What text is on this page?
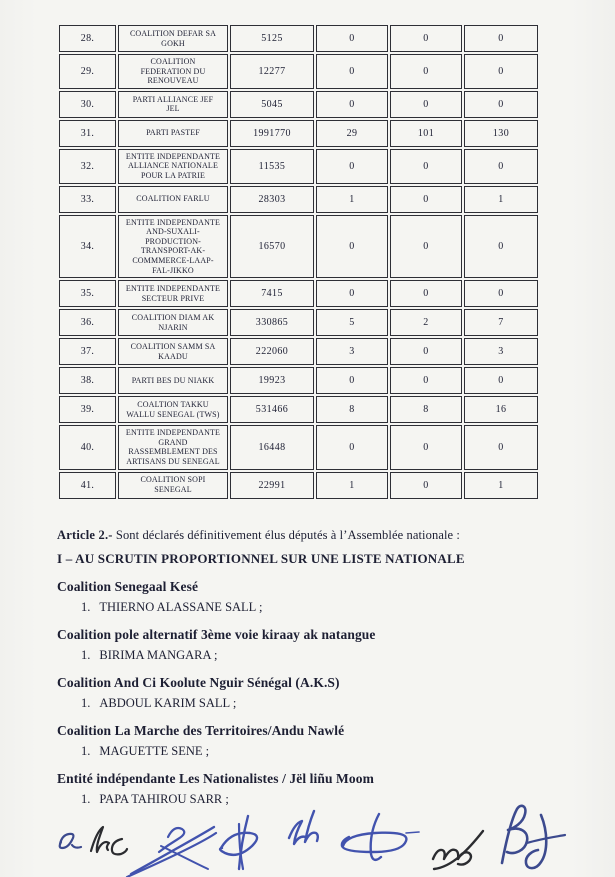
28.	COALITION DEFAR SA GOKH	5125	0	0	0
29.	COALITION FEDERATION DU RENOUVEAU	12277	0	0	0
30.	PARTI ALLIANCE JEF JEL	5045	0	0	0
31.	PARTI PASTEF	1991770	29	101	130
32.	ENTITE INDEPENDANTE ALLIANCE NATIONALE POUR LA PATRIE	11535	0	0	0
33.	COALITION FARLU	28303	1	0	1
34.	ENTITE INDEPENDANTE AND-SUXALI-PRODUCTION-TRANSPORT-AK-COMMMERCE-LAAP-FAL-JIKKO	16570	0	0	0
35.	ENTITE INDEPENDANTE SECTEUR PRIVE	7415	0	0	0
36.	COALITION DIAM AK NJARIN	330865	5	2	7
37.	COALITION SAMM SA KAADU	222060	3	0	3
38.	PARTI BES DU NIAKK	19923	0	0	0
39.	COALTION TAKKU WALLU SENEGAL (TWS)	531466	8	8	16
40.	ENTITE INDEPENDANTE GRAND RASSEMBLEMENT DES ARTISANS DU SENEGAL	16448	0	0	0
41.	COALITION SOPI SENEGAL	22991	1	0	1

Article 2.- Sont déclarés définitivement élus députés à l’Assemblée nationale :

I – AU SCRUTIN PROPORTIONNEL SUR UNE LISTE NATIONALE
Coalition Senegaal Kesé
1. THIERNO ALASSANE SALL ;
Coalition pole alternatif 3ème voie kiraay ak natangue
1. BIRIMA MANGARA ;
Coalition And Ci Koolute Nguir Sénégal (A.K.S)
1. ABDOUL KARIM SALL ;
Coalition La Marche des Territoires/Andu Nawlé
1. MAGUETTE SENE ;
Entité indépendante Les Nationalistes / Jël liñu Moom
1. PAPA TAHIROU SARR ;
